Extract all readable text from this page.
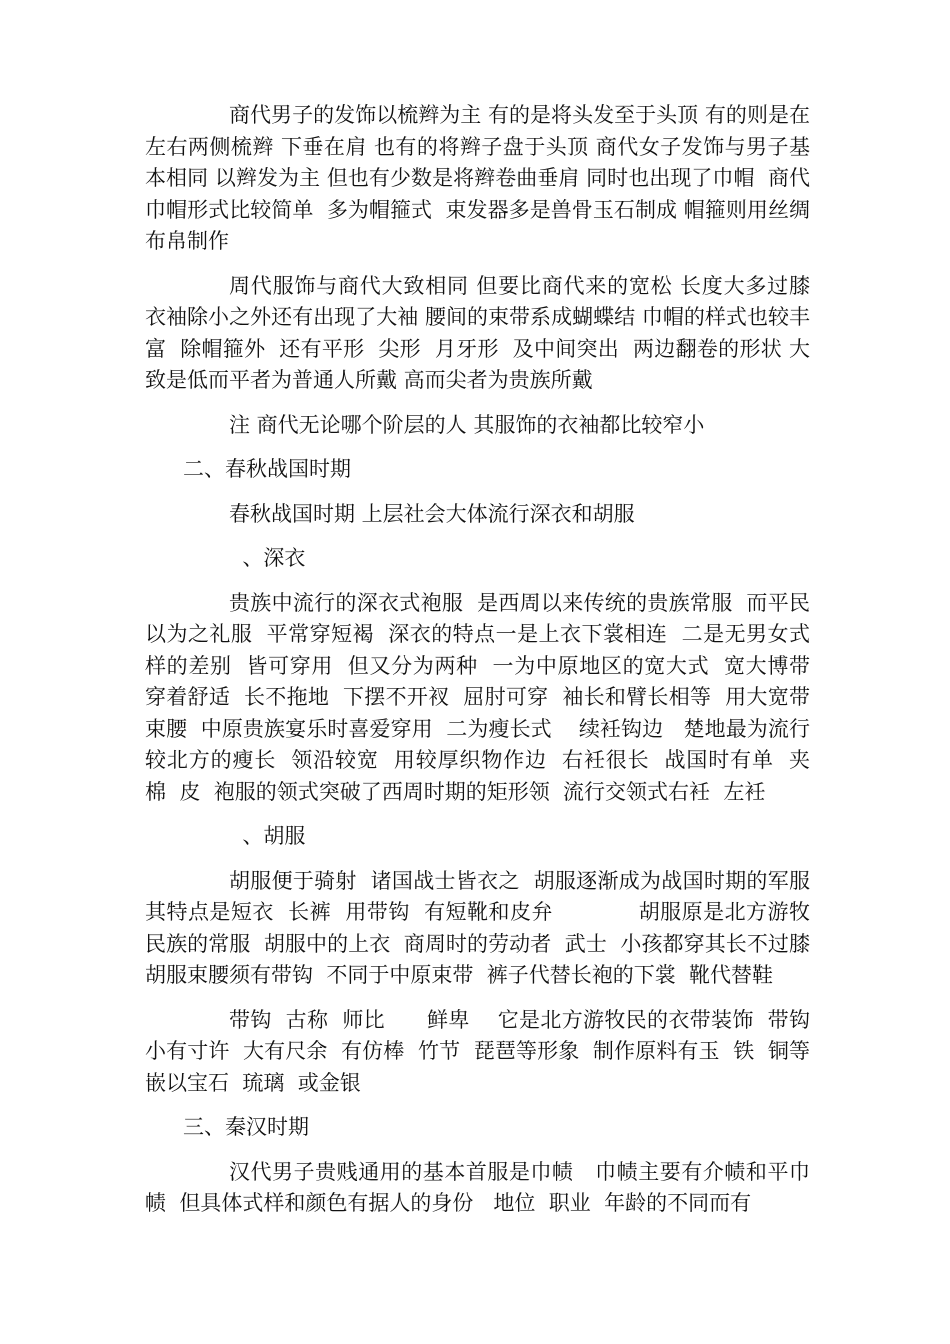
商代男子的发饰以梳辫为主 有的是将头发至于头顶 有的则是在左右两侧梳辫 下垂在肩 也有的将辫子盘于头顶 商代女子发饰与男子基本相同 以辫发为主 但也有少数是将辫卷曲垂肩 同时也出现了巾帽  商代巾帽形式比较简单  多为帽箍式  束发器多是兽骨玉石制成 帽箍则用丝绸布帛制作

周代服饰与商代大致相同 但要比商代来的宽松 长度大多过膝 衣袖除小之外还有出现了大袖 腰间的束带系成蝴蝶结 巾帽的样式也较丰富  除帽箍外  还有平形  尖形  月牙形  及中间突出  两边翻卷的形状 大致是低而平者为普通人所戴 高而尖者为贵族所戴

注 商代无论哪个阶层的人 其服饰的衣袖都比较窄小

二、春秋战国时期

春秋战国时期 上层社会大体流行深衣和胡服

、深衣

贵族中流行的深衣式袍服  是西周以来传统的贵族常服  而平民以为之礼服  平常穿短褐  深衣的特点一是上衣下裳相连  二是无男女式样的差别  皆可穿用  但又分为两种  一为中原地区的宽大式  宽大博带  穿着舒适  长不拖地  下摆不开衩  屈肘可穿  袖长和臂长相等  用大宽带束腰  中原贵族宴乐时喜爱穿用  二为瘦长式    续衽钩边   楚地最为流行  较北方的瘦长  领沿较宽  用较厚织物作边  右衽很长  战国时有单  夹  棉  皮  袍服的领式突破了西周时期的矩形领  流行交领式右衽  左衽

、胡服

胡服便于骑射  诸国战士皆衣之  胡服逐渐成为战国时期的军服  其特点是短衣  长裤  用带钩  有短靴和皮弁            胡服原是北方游牧民族的常服  胡服中的上衣  商周时的劳动者  武士  小孩都穿其长不过膝  胡服束腰须有带钩  不同于中原束带  裤子代替长袍的下裳  靴代替鞋

带钩  古称  师比      鲜卑    它是北方游牧民的衣带装饰  带钩小有寸许  大有尺余  有仿棒  竹节  琵琶等形象  制作原料有玉  铁  铜等  嵌以宝石  琉璃  或金银

三、秦汉时期

汉代男子贵贱通用的基本首服是巾帻   巾帻主要有介帻和平巾帻  但具体式样和颜色有据人的身份   地位  职业  年龄的不同而有
